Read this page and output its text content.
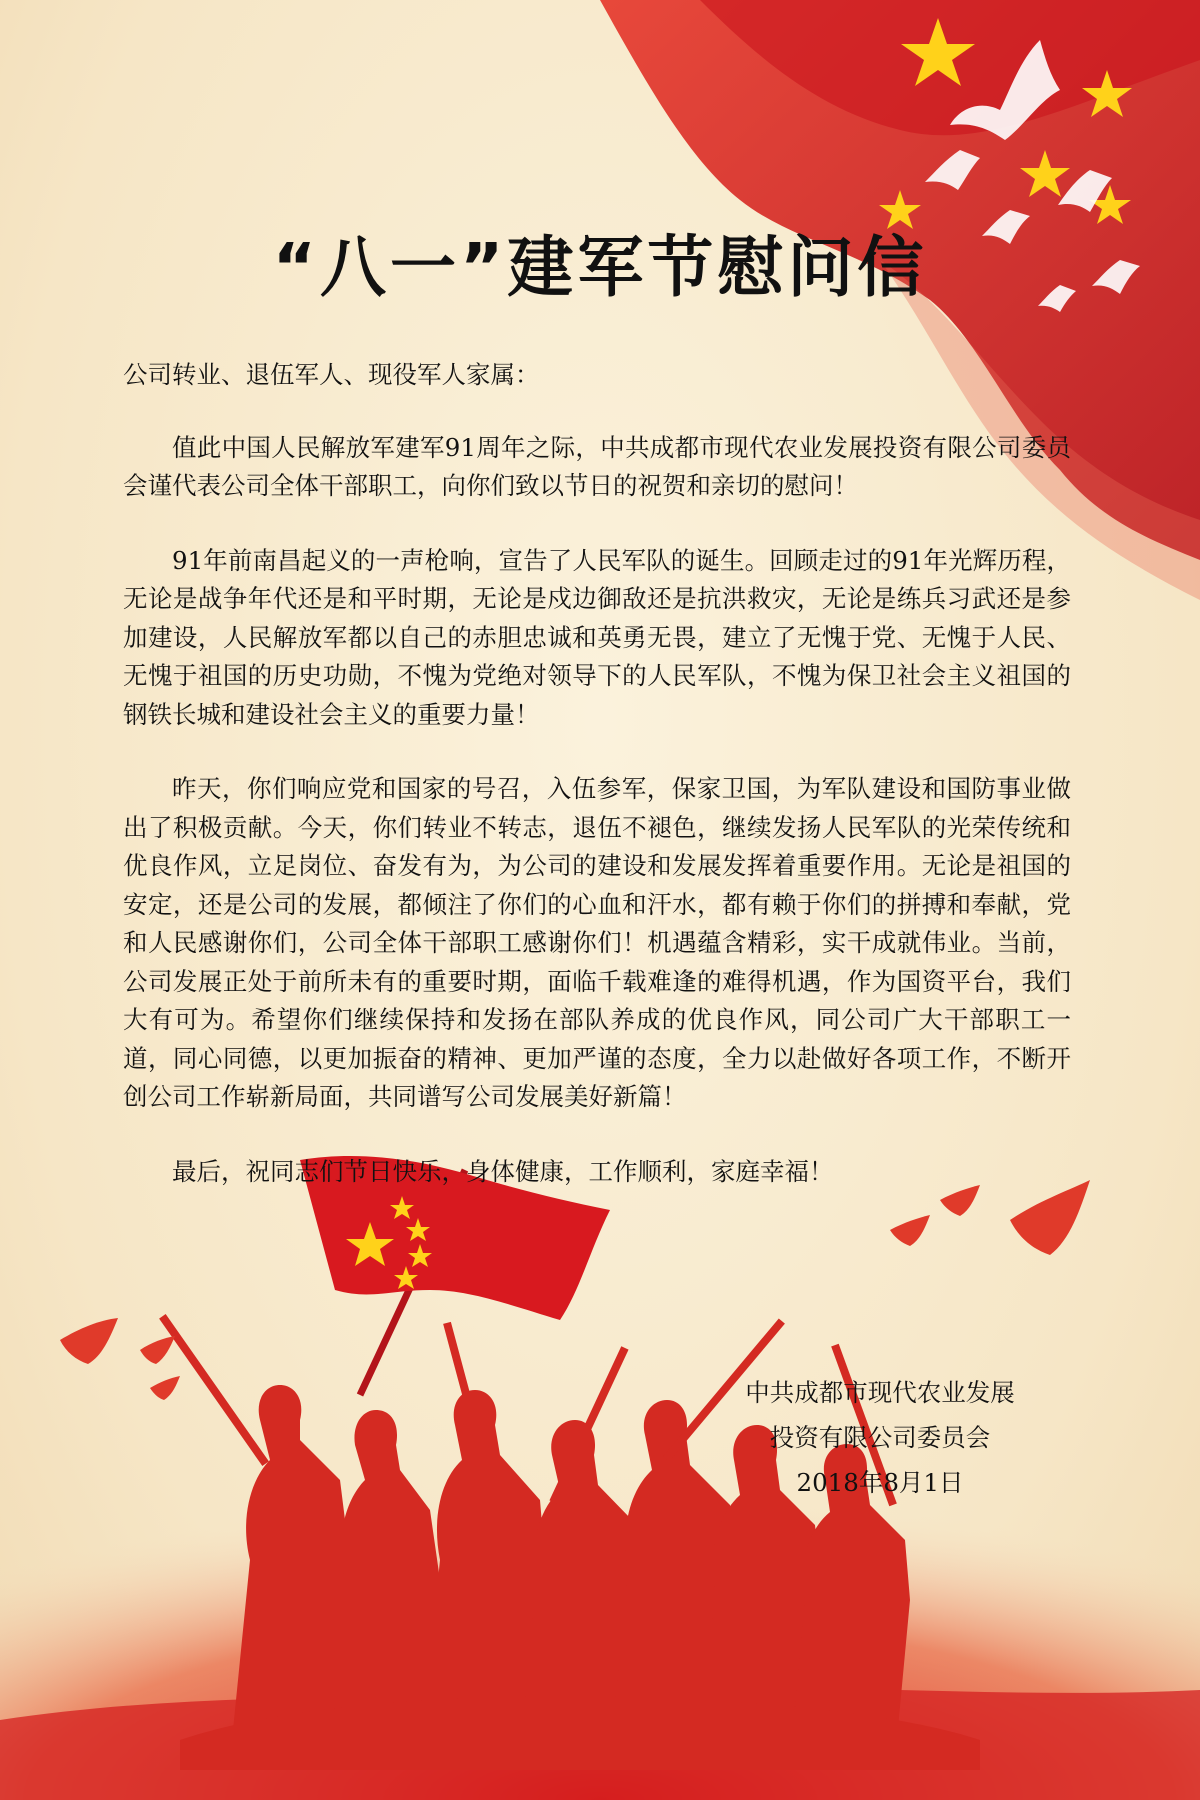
“八一”建军节慰问信

公司转业、退伍军人、现役军人家属：

值此中国人民解放军建军91周年之际，中共成都市现代农业发展投资有限公司委员会谨代表公司全体干部职工，向你们致以节日的祝贺和亲切的慰问！

91年前南昌起义的一声枪响，宣告了人民军队的诞生。回顾走过的91年光辉历程，无论是战争年代还是和平时期，无论是戍边御敌还是抗洪救灾，无论是练兵习武还是参加建设，人民解放军都以自己的赤胆忠诚和英勇无畏，建立了无愧于党、无愧于人民、无愧于祖国的历史功勋，不愧为党绝对领导下的人民军队，不愧为保卫社会主义祖国的钢铁长城和建设社会主义的重要力量！

昨天，你们响应党和国家的号召，入伍参军，保家卫国，为军队建设和国防事业做出了积极贡献。今天，你们转业不转志，退伍不褪色，继续发扬人民军队的光荣传统和优良作风，立足岗位、奋发有为，为公司的建设和发展发挥着重要作用。无论是祖国的安定，还是公司的发展，都倾注了你们的心血和汗水，都有赖于你们的拼搏和奉献，党和人民感谢你们，公司全体干部职工感谢你们！机遇蕴含精彩，实干成就伟业。当前，公司发展正处于前所未有的重要时期，面临千载难逢的难得机遇，作为国资平台，我们大有可为。希望你们继续保持和发扬在部队养成的优良作风，同公司广大干部职工一道，同心同德，以更加振奋的精神、更加严谨的态度，全力以赴做好各项工作，不断开创公司工作崭新局面，共同谱写公司发展美好新篇！

最后，祝同志们节日快乐，身体健康，工作顺利，家庭幸福！

中共成都市现代农业发展
投资有限公司委员会
2018年8月1日
